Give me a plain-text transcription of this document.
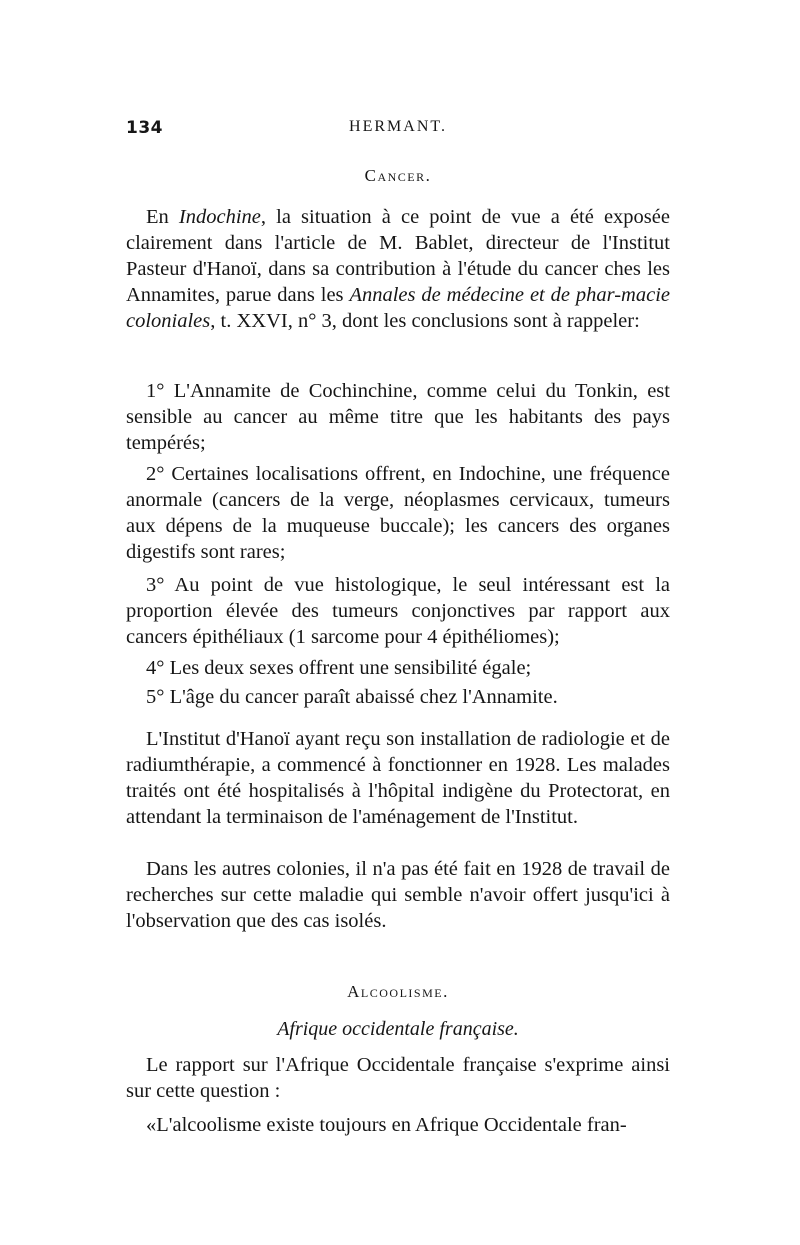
134	HERMANT.
Cancer.

En Indochine, la situation à ce point de vue a été exposée clairement dans l'article de M. Bablet, directeur de l'Institut Pasteur d'Hanoï, dans sa contribution à l'étude du cancer ches les Annamites, parue dans les Annales de médecine et de phar-macie coloniales, t. XXVI, n° 3, dont les conclusions sont à rappeler:

1° L'Annamite de Cochinchine, comme celui du Tonkin, est sensible au cancer au même titre que les habitants des pays tempérés;

2° Certaines localisations offrent, en Indochine, une fréquence anormale (cancers de la verge, néoplasmes cervicaux, tumeurs aux dépens de la muqueuse buccale); les cancers des organes digestifs sont rares;

3° Au point de vue histologique, le seul intéressant est la proportion élevée des tumeurs conjonctives par rapport aux cancers épithéliaux (1 sarcome pour 4 épithéliomes);

4° Les deux sexes offrent une sensibilité égale;

5° L'âge du cancer paraît abaissé chez l'Annamite.

L'Institut d'Hanoï ayant reçu son installation de radiologie et de radiumthérapie, a commencé à fonctionner en 1928. Les malades traités ont été hospitalisés à l'hôpital indigène du Protectorat, en attendant la terminaison de l'aménagement de l'Institut.

Dans les autres colonies, il n'a pas été fait en 1928 de travail de recherches sur cette maladie qui semble n'avoir offert jusqu'ici à l'observation que des cas isolés.

Alcoolisme.
Afrique occidentale française.

Le rapport sur l'Afrique Occidentale française s'exprime ainsi sur cette question :

«L'alcoolisme existe toujours en Afrique Occidentale fran-
